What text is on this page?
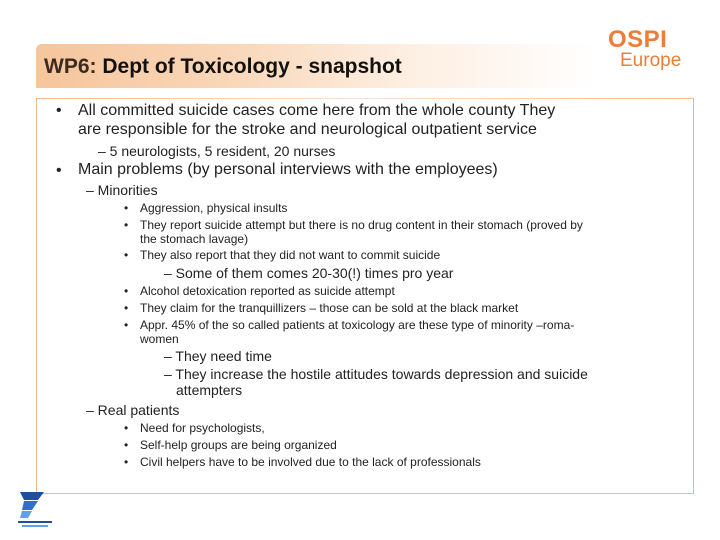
WP6: Dept of Toxicology - snapshot
OSPI
Europe
• All committed suicide cases come here from the whole county They
are responsible for the stroke and neurological outpatient service
– 5 neurologists, 5 resident, 20 nurses
• Main problems (by personal interviews with the employees)
– Minorities
• Aggression, physical insults
• They report suicide attempt but there is no drug content in their stomach (proved by
the stomach lavage)
• They also report that they did not want to commit suicide
– Some of them comes 20-30(!) times pro year
• Alcohol detoxication reported as suicide attempt
• They claim for the tranquillizers – those can be sold at the black market
• Appr. 45% of the so called patients at toxicology are these type of minority –roma-
women
– They need time
– They increase the hostile attitudes towards depression and suicide
attempters
– Real patients
• Need for psychologists,
• Self-help groups are being organized
• Civil helpers have to be involved due to the lack of professionals
